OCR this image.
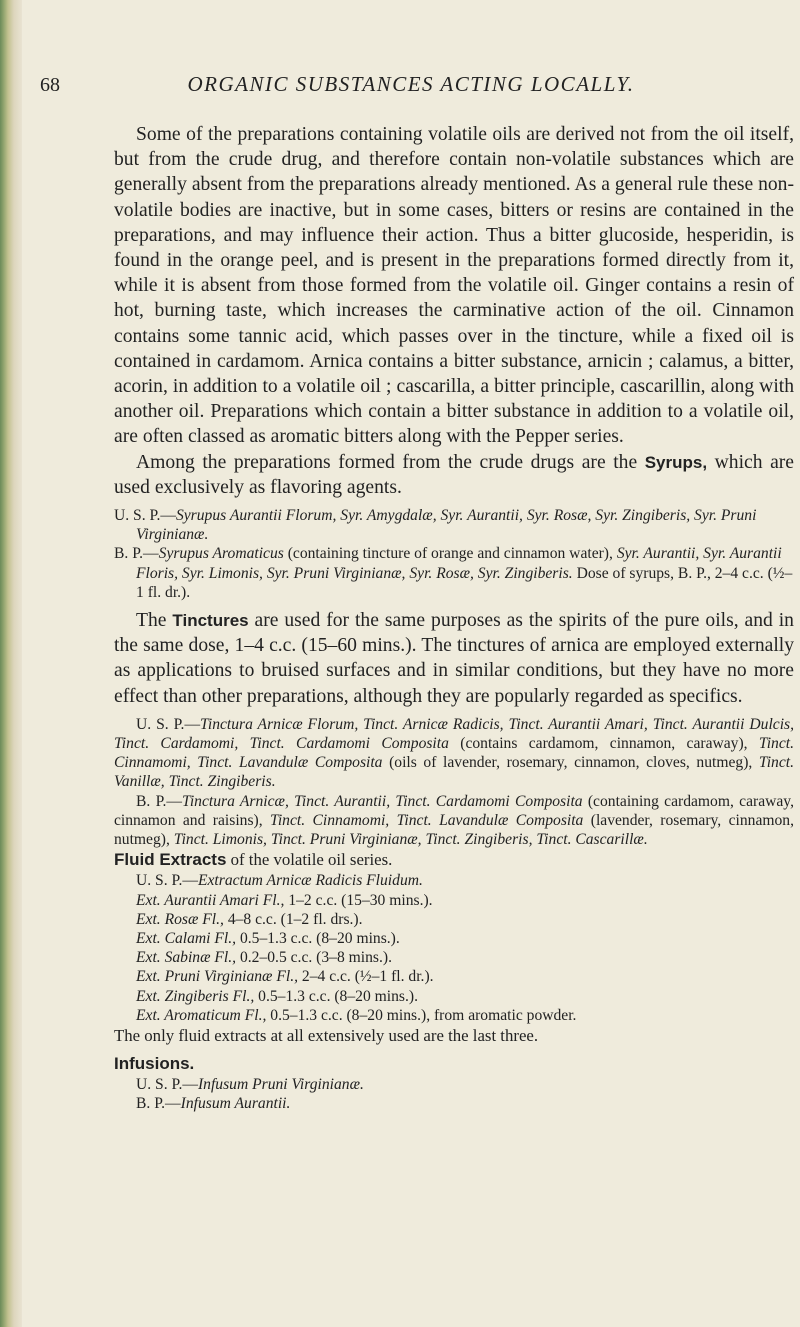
68	ORGANIC SUBSTANCES ACTING LOCALLY.

Some of the preparations containing volatile oils are derived not from the oil itself, but from the crude drug, and therefore contain non-volatile substances which are generally absent from the preparations already mentioned. As a general rule these non-volatile bodies are inactive, but in some cases, bitters or resins are contained in the preparations, and may influence their action. Thus a bitter glucoside, hesperidin, is found in the orange peel, and is present in the preparations formed directly from it, while it is absent from those formed from the volatile oil. Ginger contains a resin of hot, burning taste, which increases the carminative action of the oil. Cinnamon contains some tannic acid, which passes over in the tincture, while a fixed oil is contained in cardamom. Arnica contains a bitter substance, arnicin ; calamus, a bitter, acorin, in addition to a volatile oil ; cascarilla, a bitter principle, cascarillin, along with another oil. Preparations which contain a bitter substance in addition to a volatile oil, are often classed as aromatic bitters along with the Pepper series.

Among the preparations formed from the crude drugs are the Syrups, which are used exclusively as flavoring agents.

U. S. P.—Syrupus Aurantii Florum, Syr. Amygdalæ, Syr. Aurantii, Syr. Rosæ, Syr. Zingiberis, Syr. Pruni Virginianæ.

B. P.—Syrupus Aromaticus (containing tincture of orange and cinnamon water), Syr. Aurantii, Syr. Aurantii Floris, Syr. Limonis, Syr. Pruni Virginianæ, Syr. Rosæ, Syr. Zingiberis. Dose of syrups, B. P., 2–4 c.c. (½–1 fl. dr.).

The Tinctures are used for the same purposes as the spirits of the pure oils, and in the same dose, 1–4 c.c. (15–60 mins.). The tinctures of arnica are employed externally as applications to bruised surfaces and in similar conditions, but they have no more effect than other preparations, although they are popularly regarded as specifics.

U. S. P.—Tinctura Arnicæ Florum, Tinct. Arnicæ Radicis, Tinct. Aurantii Amari, Tinct. Aurantii Dulcis, Tinct. Cardamomi, Tinct. Cardamomi Composita (contains cardamom, cinnamon, caraway), Tinct. Cinnamomi, Tinct. Lavandulæ Composita (oils of lavender, rosemary, cinnamon, cloves, nutmeg), Tinct. Vanillæ, Tinct. Zingiberis.

B. P.—Tinctura Arnicæ, Tinct. Aurantii, Tinct. Cardamomi Composita (containing cardamom, caraway, cinnamon and raisins), Tinct. Cinnamomi, Tinct. Lavandulæ Composita (lavender, rosemary, cinnamon, nutmeg), Tinct. Limonis, Tinct. Pruni Virginianæ, Tinct. Zingiberis, Tinct. Cascarillæ.

Fluid Extracts of the volatile oil series.

U. S. P.—Extractum Arnicæ Radicis Fluidum.

Ext. Aurantii Amari Fl., 1–2 c.c. (15–30 mins.).

Ext. Rosæ Fl., 4–8 c.c. (1–2 fl. drs.).

Ext. Calami Fl., 0.5–1.3 c.c. (8–20 mins.).

Ext. Sabinæ Fl., 0.2–0.5 c.c. (3–8 mins.).

Ext. Pruni Virginianæ Fl., 2–4 c.c. (½–1 fl. dr.).

Ext. Zingiberis Fl., 0.5–1.3 c.c. (8–20 mins.).

Ext. Aromaticum Fl., 0.5–1.3 c.c. (8–20 mins.), from aromatic powder.

The only fluid extracts at all extensively used are the last three.

Infusions.

U. S. P.—Infusum Pruni Virginianæ.

B. P.—Infusum Aurantii.
